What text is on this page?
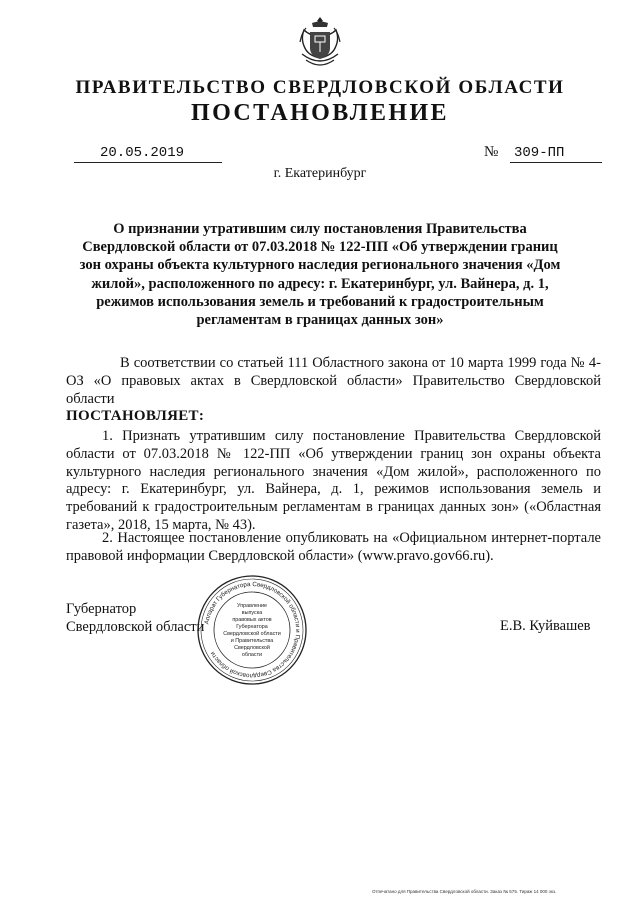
ПРАВИТЕЛЬСТВО СВЕРДЛОВСКОЙ ОБЛАСТИ
ПОСТАНОВЛЕНИЕ
20.05.2019	№ 309-ПП
г. Екатеринбург
О признании утратившим силу постановления Правительства Свердловской области от 07.03.2018 № 122-ПП «Об утверждении границ зон охраны объекта культурного наследия регионального значения «Дом жилой», расположенного по адресу: г. Екатеринбург, ул. Вайнера, д. 1, режимов использования земель и требований к градостроительным регламентам в границах данных зон»
В соответствии со статьей 111 Областного закона от 10 марта 1999 года № 4-ОЗ «О правовых актах в Свердловской области» Правительство Свердловской области
ПОСТАНОВЛЯЕТ:
1. Признать утратившим силу постановление Правительства Свердловской области от 07.03.2018 № 122-ПП «Об утверждении границ зон охраны объекта культурного наследия регионального значения «Дом жилой», расположенного по адресу: г. Екатеринбург, ул. Вайнера, д. 1, режимов использования земель и требований к градостроительным регламентам в границах данных зон» («Областная газета», 2018, 15 марта, № 43).
2. Настоящее постановление опубликовать на «Официальном интернет-портале правовой информации Свердловской области» (www.pravo.gov66.ru).
Губернатор
Свердловской области	Е.В. Куйвашев
Аппарат Губернатора Свердловской области и Правительства Свердловской области
Управление
выпуска
правовых актов
Губернатора
Свердловской области
и Правительства
Свердловской
области
Отпечатано для Правительства Свердловской области. Заказ № 575. Тираж 14 000 экз.
